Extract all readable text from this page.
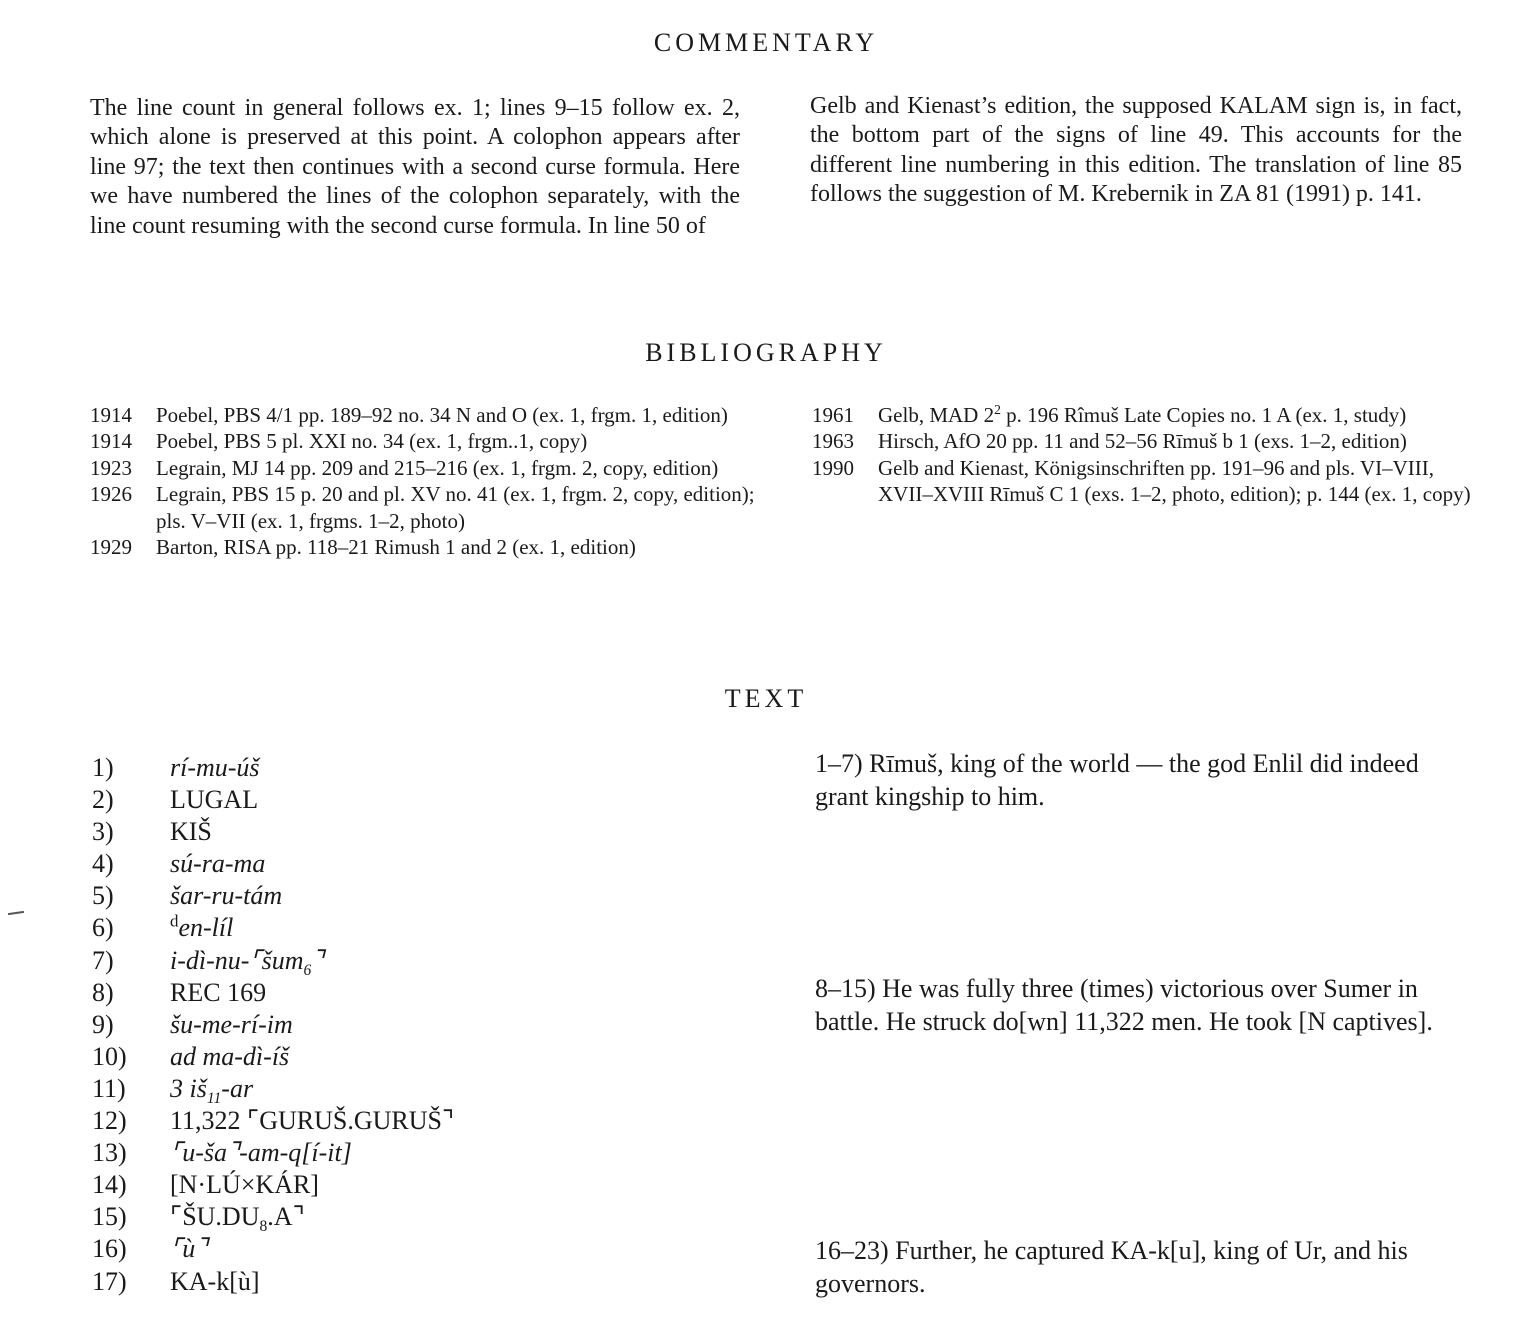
COMMENTARY

The line count in general follows ex. 1; lines 9–15 follow ex. 2, which alone is preserved at this point. A colophon appears after line 97; the text then continues with a second curse formula. Here we have numbered the lines of the colophon separately, with the line count resuming with the second curse formula. In line 50 of

Gelb and Kienast’s edition, the supposed KALAM sign is, in fact, the bottom part of the signs of line 49. This accounts for the different line numbering in this edition. The translation of line 85 follows the suggestion of M. Krebernik in ZA 81 (1991) p. 141.

BIBLIOGRAPHY
1914	Poebel, PBS 4/1 pp. 189–92 no. 34 N and O (ex. 1, frgm. 1, edition)
1914	Poebel, PBS 5 pl. XXI no. 34 (ex. 1, frgm..1, copy)
1923	Legrain, MJ 14 pp. 209 and 215–216 (ex. 1, frgm. 2, copy, edition)
1926	Legrain, PBS 15 p. 20 and pl. XV no. 41 (ex. 1, frgm. 2, copy, edition); pls. V–VII (ex. 1, frgms. 1–2, photo)
1929	Barton, RISA pp. 118–21 Rimush 1 and 2 (ex. 1, edition)
1961	Gelb, MAD $2^2$ p. 196 Rîmuš Late Copies no. 1 A (ex. 1, study)
1963	Hirsch, AfO 20 pp. 11 and 52–56 Rīmuš b 1 (exs. 1–2, edition)
1990	Gelb and Kienast, Königsinschriften pp. 191–96 and pls. VI–VIII, XVII–XVIII Rīmuš C 1 (exs. 1–2, photo, edition); p. 144 (ex. 1, copy)
TEXT
1) rí-mu-úš
2) LUGAL
3) KIŠ
4) sú-ra-ma
5) šar-ru-tám
6)	$^d$en-líl
7) i-dì-nu-⌜šum$_6$⌝
8) REC 169
9) šu-me-rí-im
10) ad ma-dì-íš
11) 3 $iš_{11}-ar$
12) 11,322 ⌜GURUŠ.GURUŠ⌝
13) ⌜u-ša⌝-am-q[í-it]
14) [N·LÚ×KÁR]
15) $⌜ŠU.DU_8.A⌝$
16) ⌜ù⌝
17) KA-k[ù]

1–7) Rīmuš, king of the world — the god Enlil did indeed grant kingship to him.

8–15) He was fully three (times) victorious over Sumer in battle. He struck do[wn] 11,322 men. He took [N captives].

16–23) Further, he captured KA-k[u], king of Ur, and his governors.
